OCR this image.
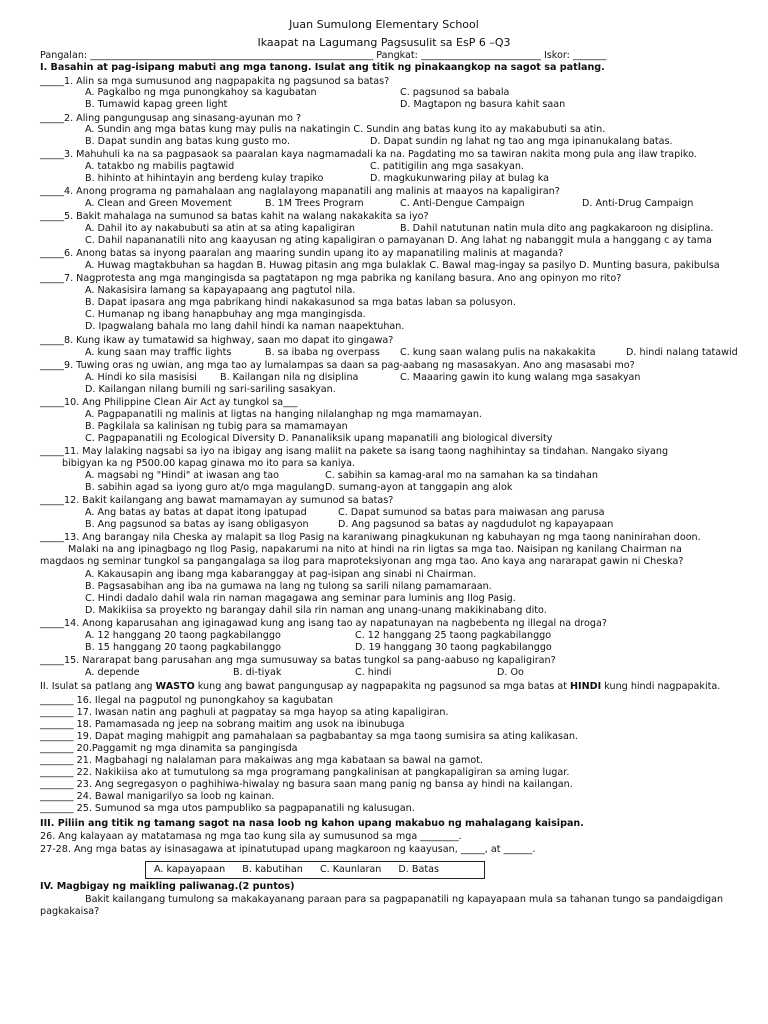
Juan Sumulong Elementary School
Ikaapat na Lagumang Pagsusulit sa EsP 6 –Q3
Pangalan: ___________________________________________________________ Pangkat: _________________________ Iskor: _______
I. Basahin at pag-isipang mabuti ang mga tanong. Isulat ang titik ng pinakaangkop na sagot sa patlang.
_____1. Alin sa mga sumusunod ang nagpapakita ng pagsunod sa batas?
A. Pagkalbo ng mga punongkahoy sa kagubatan	C. pagsunod sa babala
B. Tumawid kapag green light	D. Magtapon ng basura kahit saan
_____2. Aling pangungusap ang sinasang-ayunan mo ?
A. Sundin ang mga batas kung may pulis na nakatingin C. Sundin ang batas kung ito ay makabubuti sa atin.
B. Dapat sundin ang batas kung gusto mo.	D. Dapat sundin ng lahat ng tao ang mga ipinanukalang batas.
_____3. Mahuhuli ka na sa pagpasaok sa paaralan kaya nagmamadali ka na. Pagdating mo sa tawiran nakita mong pula ang ilaw trapiko.
A. tatakbo ng mabilis pagtawid	C. patitigilin ang mga sasakyan.
B. hihinto at hihintayin ang berdeng kulay trapiko	D. magkukunwaring pilay at bulag ka
_____4. Anong programa ng pamahalaan ang naglalayong mapanatili ang malinis at maayos na kapaligiran?
A. Clean and Green Movement	B. 1M Trees Program	C. Anti-Dengue Campaign	D. Anti-Drug Campaign
_____5. Bakit mahalaga na sumunod sa batas kahit na walang nakakakita sa iyo?
A. Dahil ito ay nakabubuti sa atin at sa ating kapaligiran	B. Dahil natutunan natin mula dito ang pagkakaroon ng disiplina.
C. Dahil napananatili nito ang kaayusan ng ating kapaligiran o pamayanan D. Ang lahat ng nabanggit mula a hanggang c ay tama
_____6. Anong batas sa inyong paaralan ang maaring sundin upang ito ay mapanatiling malinis at maganda?
A. Huwag magtakbuhan sa hagdan B. Huwag pitasin ang mga bulaklak C. Bawal mag-ingay sa pasilyo D. Munting basura, pakibulsa
_____7. Nagprotesta ang mga mangingisda sa pagtatapon ng mga pabrika ng kanilang basura. Ano ang opinyon mo rito?
A. Nakasisira lamang sa kapayapaang ang pagtutol nila.
B. Dapat ipasara ang mga pabrikang hindi nakakasunod sa mga batas laban sa polusyon.
C. Humanap ng ibang hanapbuhay ang mga mangingisda.
D. Ipagwalang bahala mo lang dahil hindi ka naman naapektuhan.
_____8. Kung ikaw ay tumatawid sa highway, saan mo dapat ito gingawa?
A. kung saan may traffic lights	B. sa ibaba ng overpass C. kung saan walang pulis na nakakakita	D. hindi nalang tatawid
_____9. Tuwing oras ng uwian, ang mga tao ay lumalampas sa daan sa pag-aabang ng masasakyan. Ano ang masasabi mo?
A. Hindi ko sila masisisi B. Kailangan nila ng disiplina	C. Maaaring gawin ito kung walang mga sasakyan
D. Kailangan nilang bumili ng sari-sariling sasakyan.
_____10. Ang Philippine Clean Air Act ay tungkol sa___
A. Pagpapanatili ng malinis at ligtas na hanging nilalanghap ng mga mamamayan.
B. Pagkilala sa kalinisan ng tubig para sa mamamayan
C. Pagpapanatili ng Ecological Diversity D. Pananaliksik upang mapanatili ang biological diversity
_____11. May lalaking nagsabi sa iyo na ibigay ang isang maliit na pakete sa isang taong naghihintay sa tindahan. Nangako siyang
bibigyan ka ng P500.00 kapag ginawa mo ito para sa kaniya.
A. magsabi ng "Hindi" at iwasan ang tao	C. sabihin sa kamag-aral mo na samahan ka sa tindahan
B. sabihin agad sa iyong guro at/o mga magulang D. sumang-ayon at tanggapin ang alok
_____12. Bakit kailangang ang bawat mamamayan ay sumunod sa batas?
A. Ang batas ay batas at dapat itong ipatupad	C. Dapat sumunod sa batas para maiwasan ang parusa
B. Ang pagsunod sa batas ay isang obligasyon	D. Ang pagsunod sa batas ay nagdudulot ng kapayapaan
_____13. Ang barangay nila Cheska ay malapit sa Ilog Pasig na karaniwang pinagkukunan ng kabuhayan ng mga taong naninirahan doon.
Malaki na ang ipinagbago ng Ilog Pasig, napakarumi na nito at hindi na rin ligtas sa mga tao. Naisipan ng kanilang Chairman na
magdaos ng seminar tungkol sa pangangalaga sa ilog para maproteksiyonan ang mga tao. Ano kaya ang nararapat gawin ni Cheska?
A. Kakausapin ang ibang mga kabaranggay at pag-isipan ang sinabi ni Chairman.
B. Pagsasabihan ang iba na gumawa na lang ng tulong sa sarili nilang pamamaraan.
C. Hindi dadalo dahil wala rin naman magagawa ang seminar para luminis ang Ilog Pasig.
D. Makikiisa sa proyekto ng barangay dahil sila rin naman ang unang-unang makikinabang dito.
_____14. Anong kaparusahan ang iginagawad kung ang isang tao ay napatunayan na nagbebenta ng illegal na droga?
A. 12 hanggang 20 taong pagkabilanggo	C. 12 hanggang 25 taong pagkabilanggo
B. 15 hanggang 20 taong pagkabilanggo	D. 19 hanggang 30 taong pagkabilanggo
_____15. Nararapat bang parusahan ang mga sumusuway sa batas tungkol sa pang-aabuso ng kapaligiran?
A. depende	B. di-tiyak	C. hindi	D. Oo
II. Isulat sa patlang ang WASTO kung ang bawat pangungusap ay nagpapakita ng pagsunod sa mga batas at HINDI kung hindi nagpapakita.
_______ 16. Ilegal na pagputol ng punongkahoy sa kagubatan
_______ 17. Iwasan natin ang paghuli at pagpatay sa mga hayop sa ating kapaligiran.
_______ 18. Pamamasada ng jeep na sobrang maitim ang usok na ibinubuga
_______ 19. Dapat maging mahigpit ang pamahalaan sa pagbabantay sa mga taong sumisira sa ating kalikasan.
_______ 20.Paggamit ng mga dinamita sa pangingisda
_______ 21. Magbahagi ng nalalaman para makaiwas ang mga kabataan sa bawal na gamot.
_______ 22. Nakikiisa ako at tumutulong sa mga programang pangkalinisan at pangkapaligiran sa aming lugar.
_______ 23. Ang segregasyon o paghihiwa-hiwalay ng basura saan mang panig ng bansa ay hindi na kailangan.
_______ 24. Bawal manigarilyo sa loob ng kainan.
_______ 25. Sumunod sa mga utos pampubliko sa pagpapanatili ng kalusugan.
III. Piliin ang titik ng tamang sagot na nasa loob ng kahon upang makabuo ng mahalagang kaisipan.
26. Ang kalayaan ay matatamasa ng mga tao kung sila ay sumusunod sa mga ________.
27-28. Ang mga batas ay isinasagawa at ipinatutupad upang magkaroon ng kaayusan, _____, at ______.
A. kapayapaan B. kabutihan C. Kaunlaran D. Batas
IV. Magbigay ng maikling paliwanag.(2 puntos)
Bakit kailangang tumulong sa makakayanang paraan para sa pagpapanatili ng kapayapaan mula sa tahanan tungo sa pandaigdigan
pagkakaisa?
